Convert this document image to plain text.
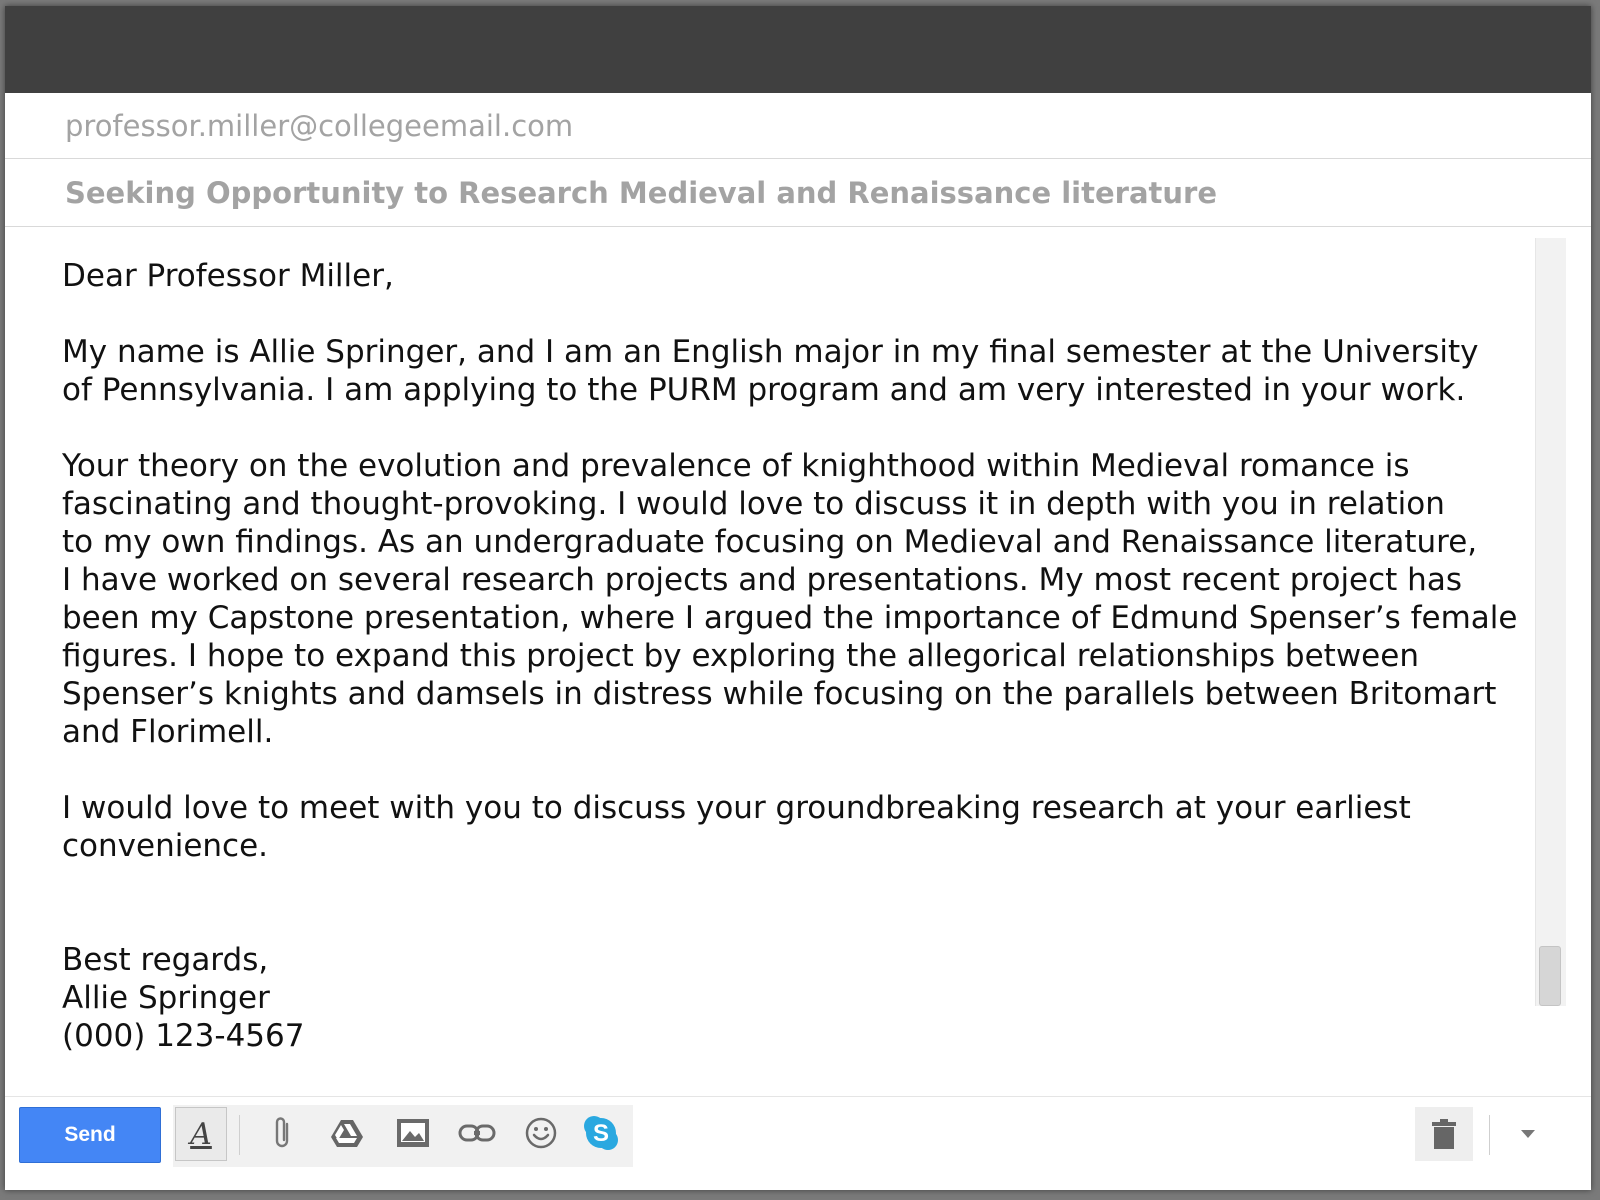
professor.miller@collegeemail.com
Seeking Opportunity to Research Medieval and Renaissance literature

Dear Professor Miller,

My name is Allie Springer, and I am an English major in my final semester at the University

of Pennsylvania. I am applying to the PURM program and am very interested in your work.

Your theory on the evolution and prevalence of knighthood within Medieval romance is

fascinating and thought-provoking. I would love to discuss it in depth with you in relation

to my own findings. As an undergraduate focusing on Medieval and Renaissance literature,

I have worked on several research projects and presentations. My most recent project has

been my Capstone presentation, where I argued the importance of Edmund Spenser’s female

figures. I hope to expand this project by exploring the allegorical relationships between

Spenser’s knights and damsels in distress while focusing on the parallels between Britomart

and Florimell.

I would love to meet with you to discuss your groundbreaking research at your earliest

convenience.

Best regards,

Allie Springer

(000) 123-4567

Send	A	S
